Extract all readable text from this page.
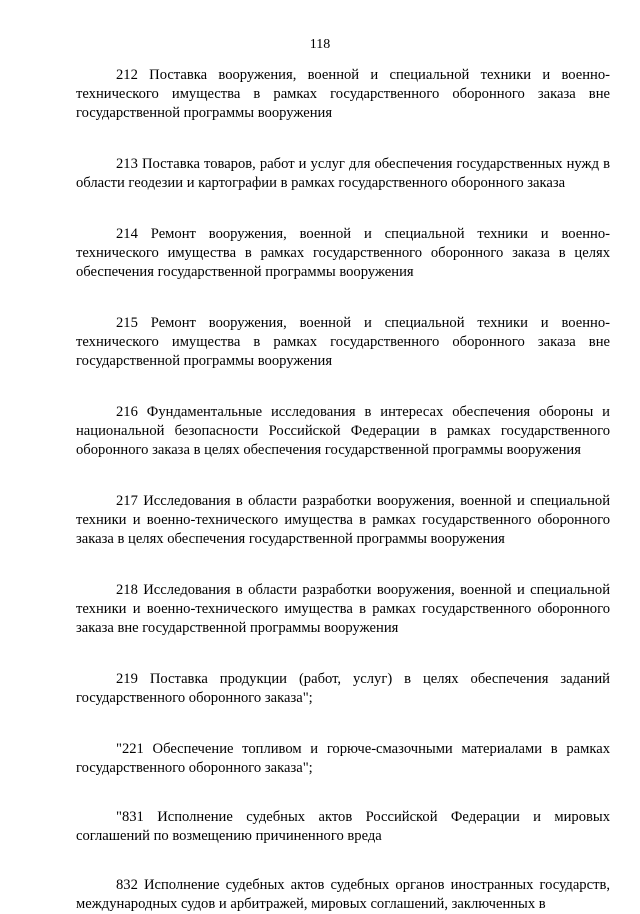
118

212 Поставка вооружения, военной и специальной техники и военно-технического имущества в рамках государственного оборонного заказа вне государственной программы вооружения

213 Поставка товаров, работ и услуг для обеспечения государственных нужд в области геодезии и картографии в рамках государственного оборонного заказа

214 Ремонт вооружения, военной и специальной техники и военно-технического имущества в рамках государственного оборонного заказа в целях обеспечения государственной программы вооружения

215 Ремонт вооружения, военной и специальной техники и военно-технического имущества в рамках государственного оборонного заказа вне государственной программы вооружения

216 Фундаментальные исследования в интересах обеспечения обороны и национальной безопасности Российской Федерации в рамках государственного оборонного заказа в целях обеспечения государственной программы вооружения

217 Исследования в области разработки вооружения, военной и специальной техники и военно-технического имущества в рамках государственного оборонного заказа в целях обеспечения государственной программы вооружения

218 Исследования в области разработки вооружения, военной и специальной техники и военно-технического имущества в рамках государственного оборонного заказа вне государственной программы вооружения

219 Поставка продукции (работ, услуг) в целях обеспечения заданий государственного оборонного заказа";

"221 Обеспечение топливом и горюче-смазочными материалами в рамках государственного оборонного заказа";

"831 Исполнение судебных актов Российской Федерации и мировых соглашений по возмещению причиненного вреда

832 Исполнение судебных актов судебных органов иностранных государств, международных судов и арбитражей, мировых соглашений, заключенных в
